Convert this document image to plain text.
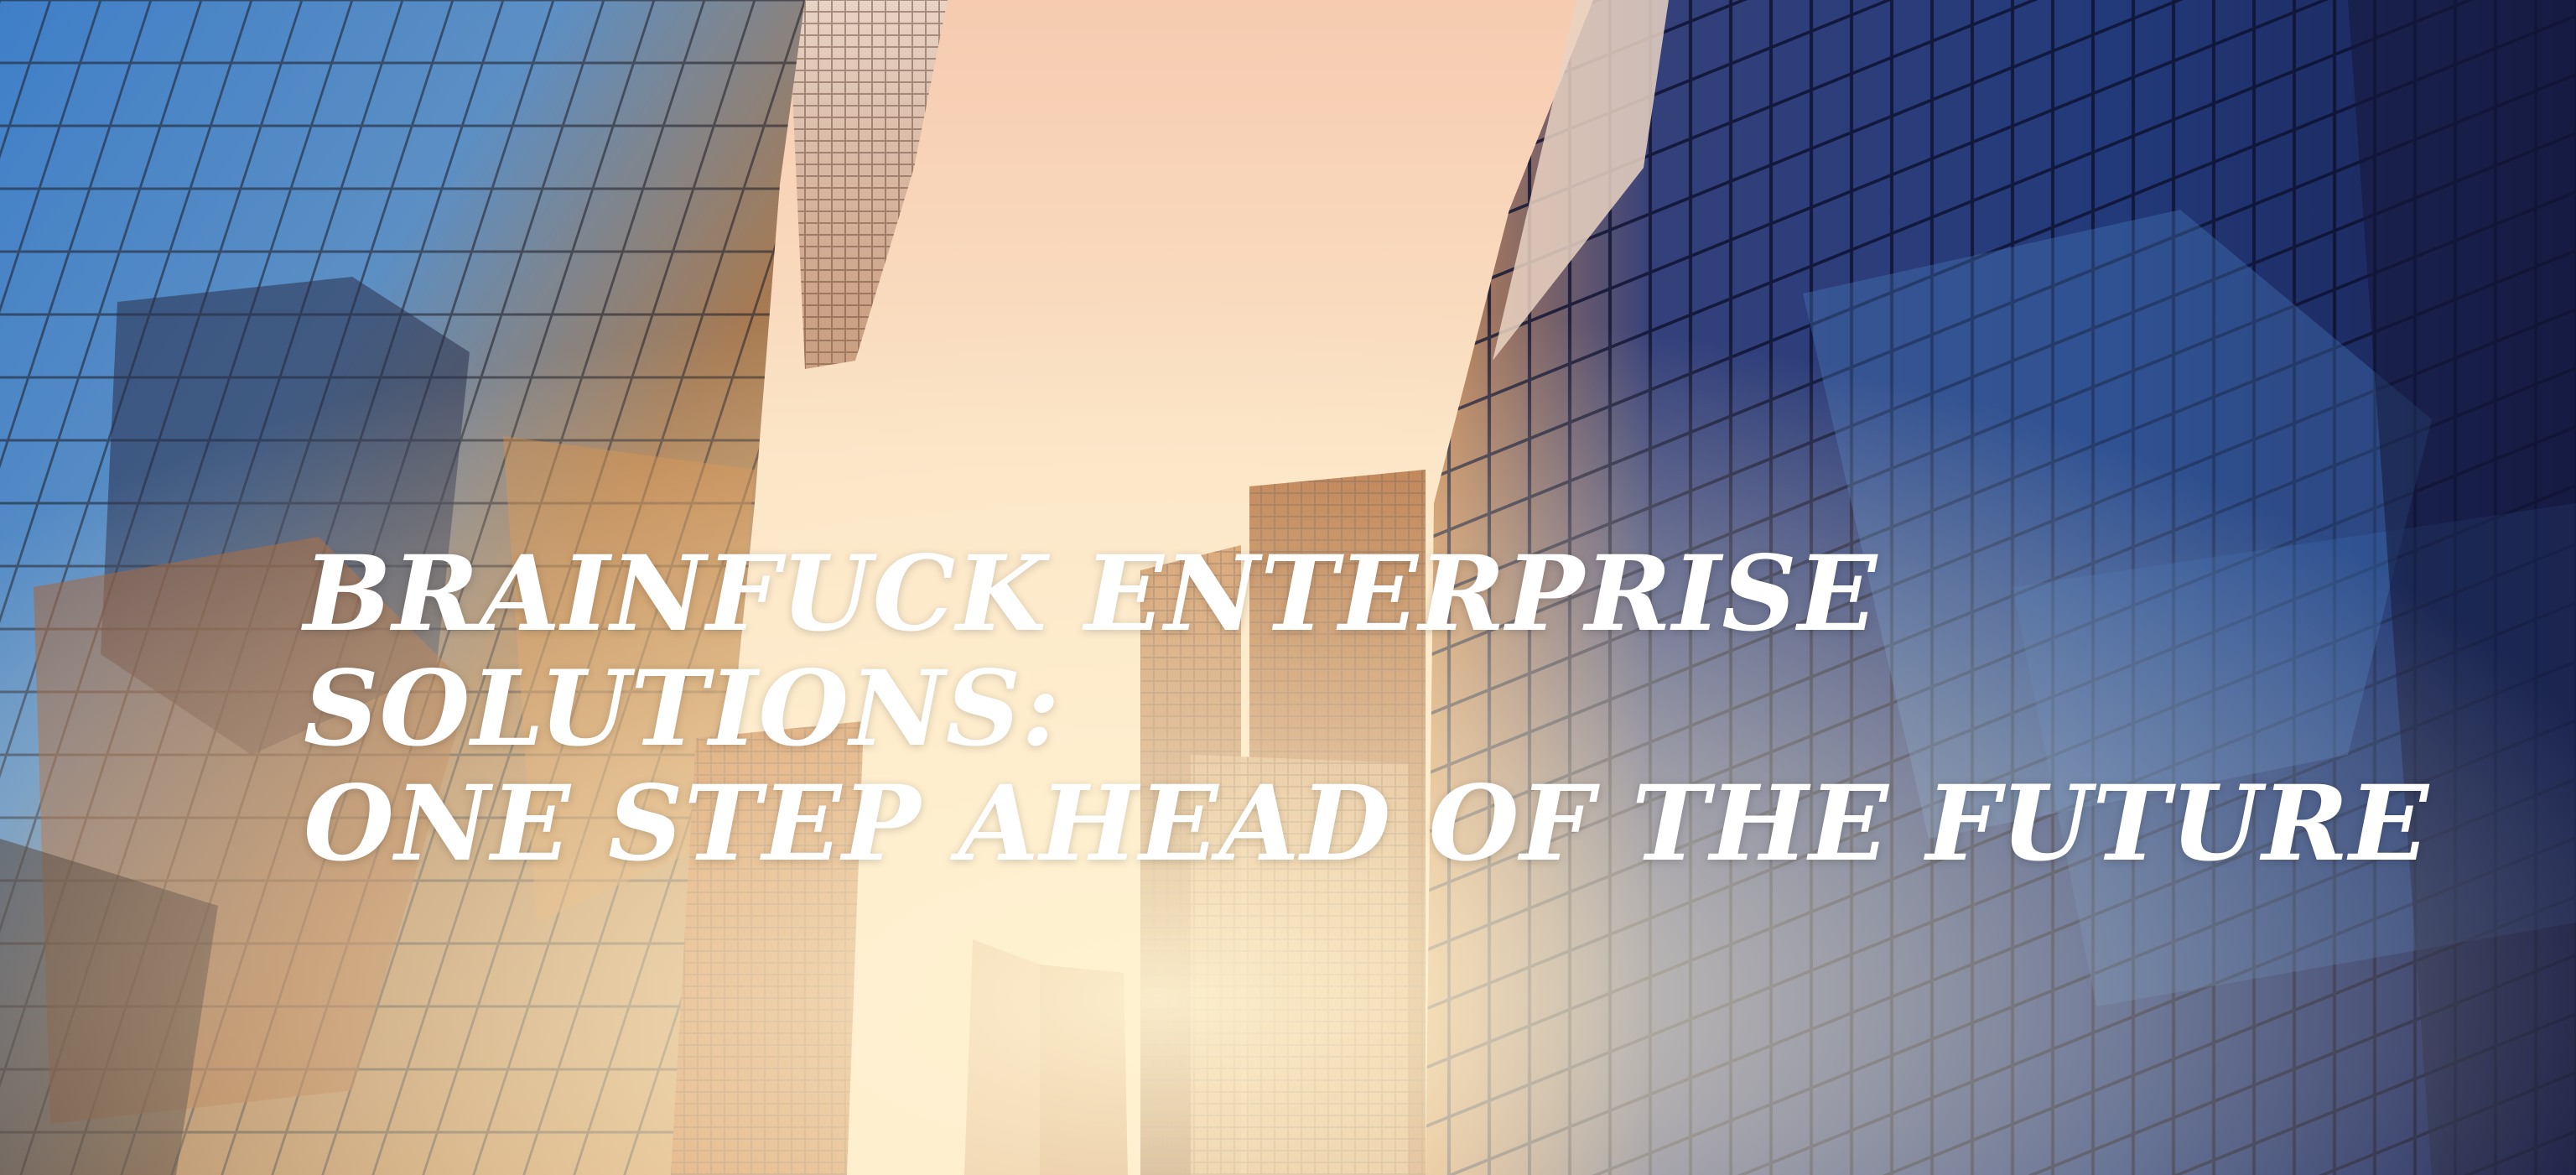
BRAINFUCK ENTERPRISE
SOLUTIONS:
ONE STEP AHEAD OF THE FUTURE
